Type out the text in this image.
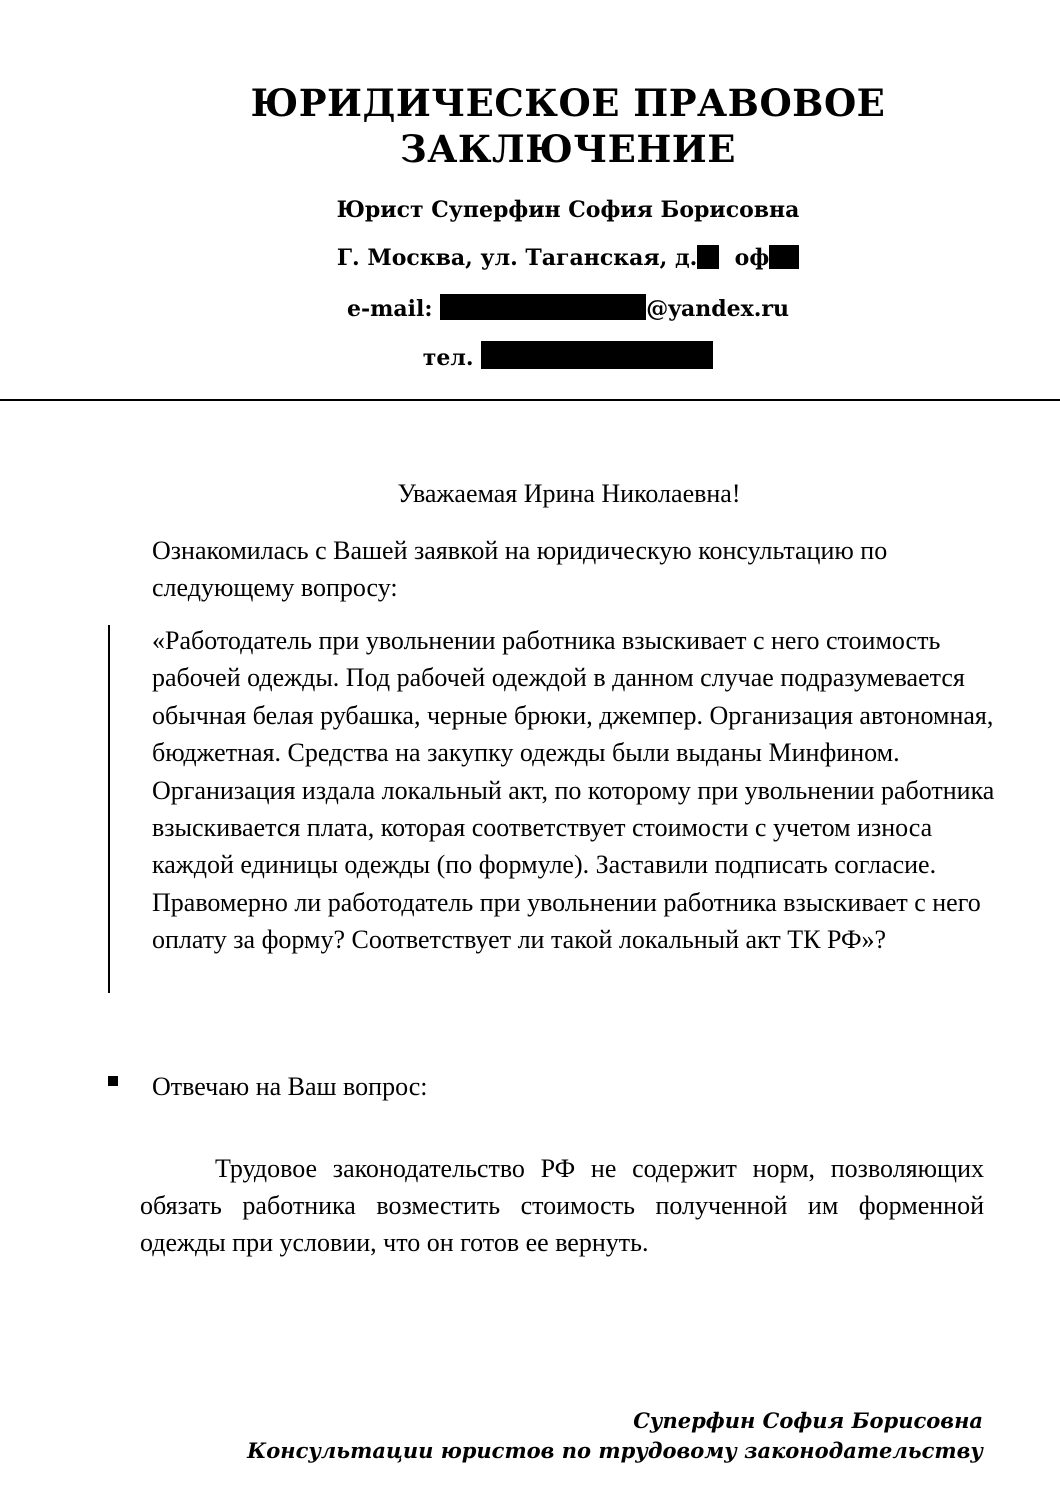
ЮРИДИЧЕСКОЕ ПРАВОВОЕ
ЗАКЛЮЧЕНИЕ
Юрист Суперфин София Борисовна
Г. Москва, ул. Таганская, д. оф
e-mail:	@yandex.ru
тел.
Уважаемая Ирина Николаевна!
Ознакомилась с Вашей заявкой на юридическую консультацию по следующему вопросу:
«Работодатель при увольнении работника взыскивает с него стоимость рабочей одежды. Под рабочей одеждой в данном случае подразумевается обычная белая рубашка, черные брюки, джемпер. Организация автономная, бюджетная. Средства на закупку одежды были выданы Минфином. Организация издала локальный акт, по которому при увольнении работника взыскивается плата, которая соответствует стоимости с учетом износа каждой единицы одежды (по формуле). Заставили подписать согласие. Правомерно ли работодатель при увольнении работника взыскивает с него оплату за форму? Соответствует ли такой локальный акт ТК РФ»?
Отвечаю на Ваш вопрос:
Трудовое законодательство РФ не содержит норм, позволяющих обязать работника возместить стоимость полученной им форменной одежды при условии, что он готов ее вернуть.
Суперфин София Борисовна
Консультации юристов по трудовому законодательству
